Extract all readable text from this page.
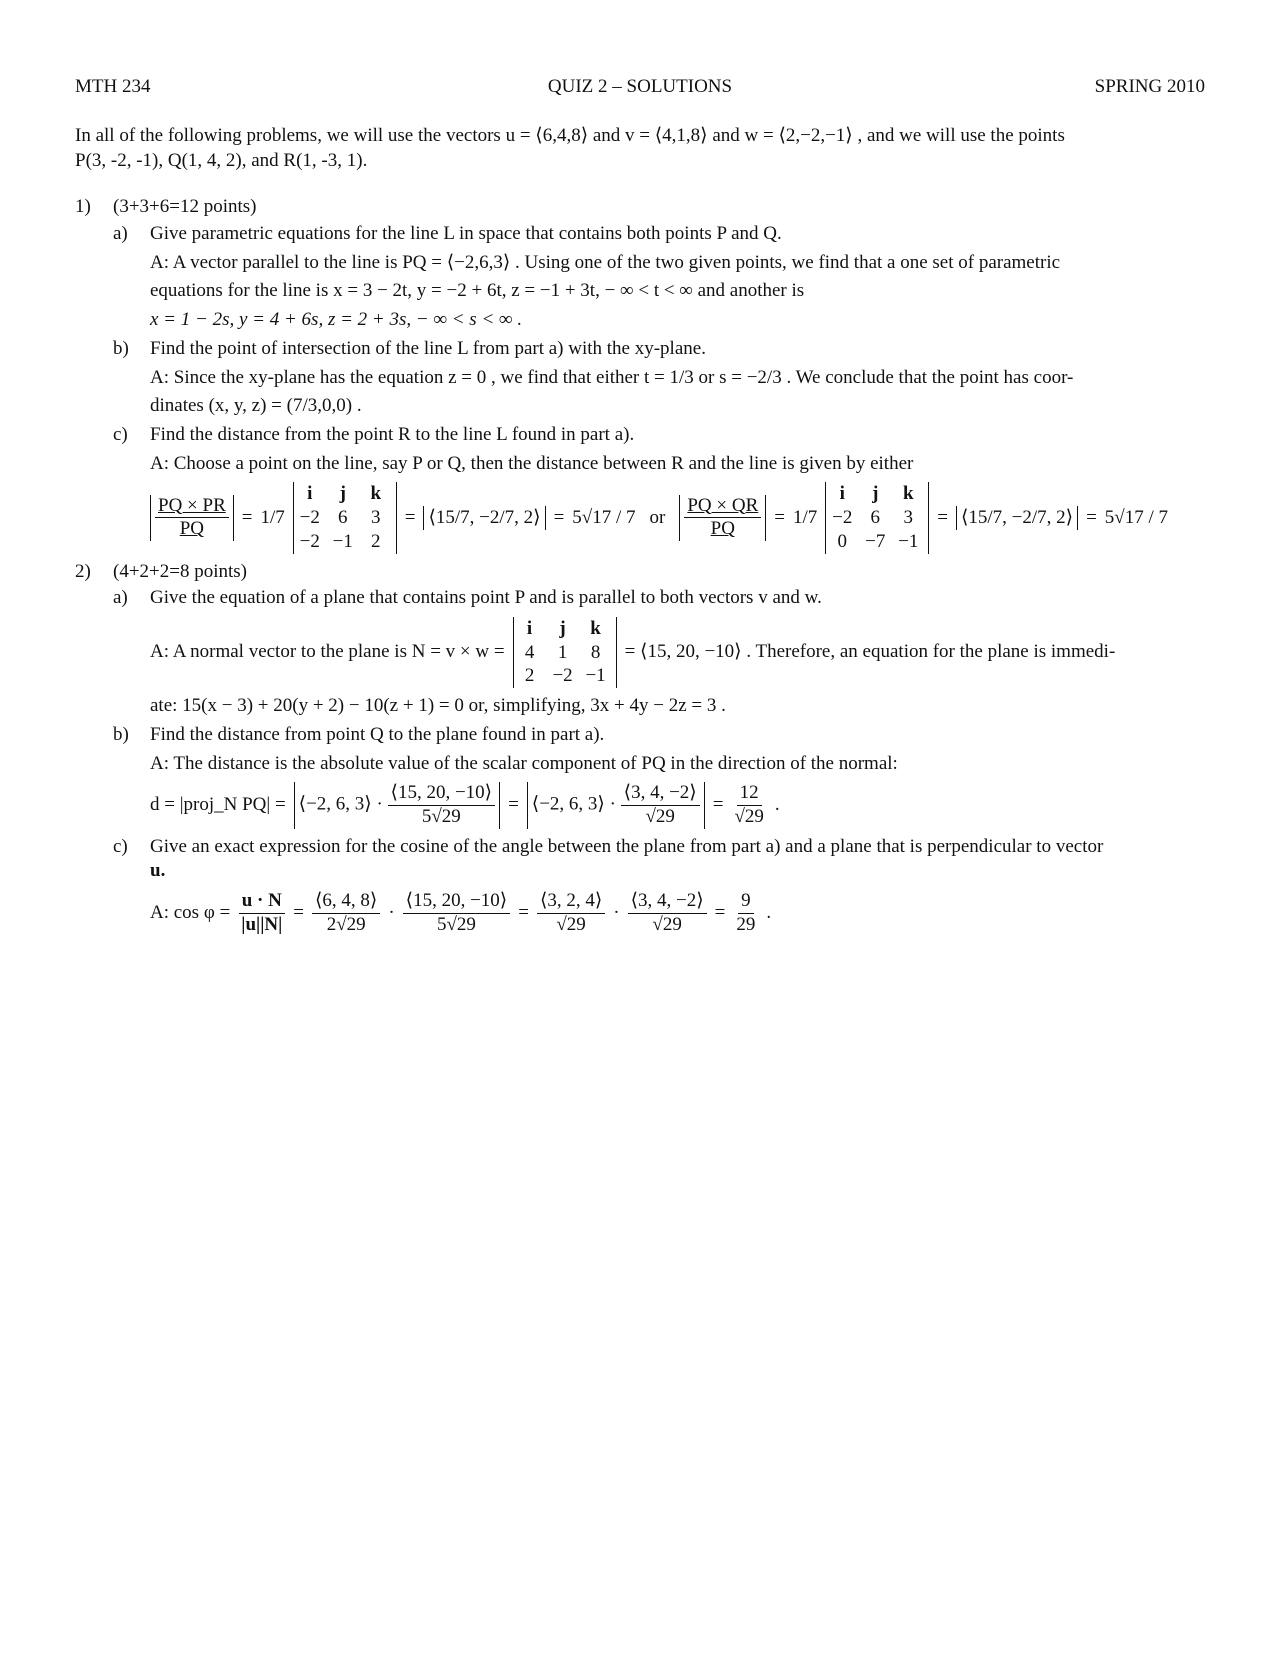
MTH 234	QUIZ 2 – SOLUTIONS	SPRING 2010

In all of the following problems, we will use the vectors u = ⟨6,4,8⟩ and v = ⟨4,1,8⟩ and w = ⟨2,−2,−1⟩ , and we will use the points

P(3, -2, -1), Q(1, 4, 2), and R(1, -3, 1).

1) (3+3+6=12 points)
a) Give parametric equations for the line L in space that contains both points P and Q.
A: A vector parallel to the line is PQ = ⟨−2,6,3⟩ . Using one of the two given points, we find that a one set of parametric
equations for the line is x = 3 − 2t, y = −2 + 6t, z = −1 + 3t, − ∞ < t < ∞ and another is
x = 1 − 2s, y = 4 + 6s, z = 2 + 3s, − ∞ < s < ∞ .
b) Find the point of intersection of the line L from part a) with the xy-plane.
A: Since the xy-plane has the equation z = 0 , we find that either t = 1/3 or s = −2/3 . We conclude that the point has coor-
dinates (x, y, z) = (7/3,0,0) .
c) Find the distance from the point R to the line L found in part a).
A: Choose a point on the line, say P or Q, then the distance between R and the line is given by either
$\frac{PQ \times PR}{PQ} = 1/7$
i	j	k
−2 6	3
−2 −1 2
= ⟨15/7, −2/7, 2⟩ = 5√17 / 7 or $\frac{PQ \times QR}{PQ} = 1/7$
i	j	k
−2 6	3
0 −7 −1
= ⟨15/7, −2/7, 2⟩ = 5√17 / 7
2) (4+2+2=8 points)
a) Give the equation of a plane that contains point P and is parallel to both vectors v and w.
A: A normal vector to the plane is N = v × w =
i	j	k
4	1	8
2 −2 −1
= ⟨15, 20, −10⟩ . Therefore, an equation for the plane is immedi-
ate: 15(x − 3) + 20(y + 2) − 10(z + 1) = 0 or, simplifying, 3x + 4y − 2z = 3 .
b) Find the distance from point Q to the plane found in part a).
A: The distance is the absolute value of the scalar component of PQ in the direction of the normal:
d = |proj_N PQ| = ⟨−2, 6, 3⟩ · $\frac{⟨15, 20, -10⟩}{5√29}$ = ⟨−2, 6, 3⟩ · $\frac{⟨3, 4, -2⟩}{√29} = \frac{12}{√29}$ .
c) Give an exact expression for the cosine of the angle between the plane from part a) and a plane that is perpendicular to vector
u.
A: $\cos \varphi = \frac{u \cdot N}{|u||N|} = \frac{⟨6, 4, 8⟩}{2√29} \cdot \frac{⟨15, 20, -10⟩}{5√29} = \frac{⟨3, 2, 4⟩}{√29} \cdot \frac{⟨3, 4, -2⟩}{√29} = \frac{9}{29}$ .
